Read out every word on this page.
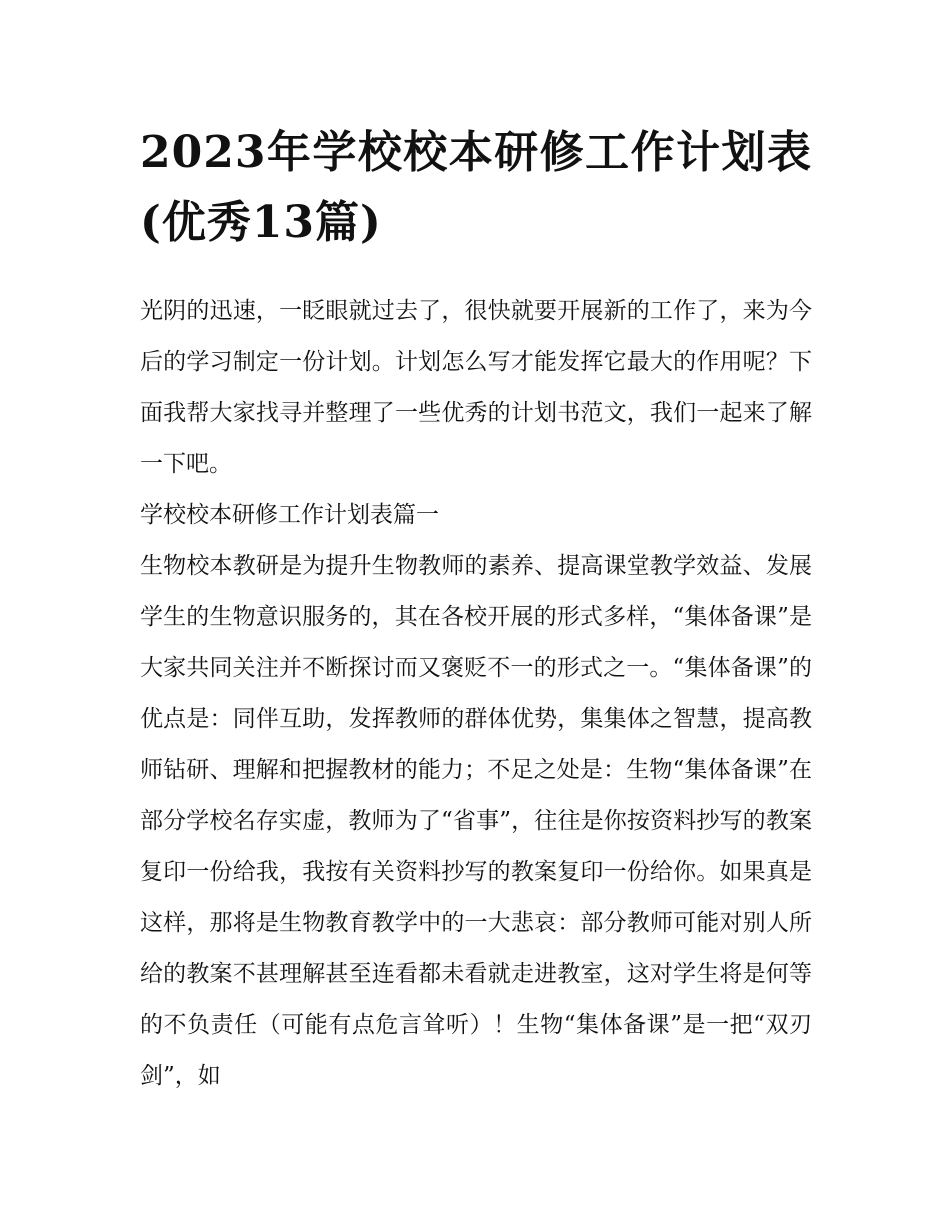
2023年学校校本研修工作计划表(优秀13篇)

光阴的迅速，一眨眼就过去了，很快就要开展新的工作了，来为今后的学习制定一份计划。计划怎么写才能发挥它最大的作用呢？下面我帮大家找寻并整理了一些优秀的计划书范文，我们一起来了解一下吧。

学校校本研修工作计划表篇一

生物校本教研是为提升生物教师的素养、提高课堂教学效益、发展学生的生物意识服务的，其在各校开展的形式多样，“集体备课”是大家共同关注并不断探讨而又褒贬不一的形式之一。“集体备课”的优点是：同伴互助，发挥教师的群体优势，集集体之智慧，提高教师钻研、理解和把握教材的能力；不足之处是：生物“集体备课”在部分学校名存实虚，教师为了“省事”，往往是你按资料抄写的教案复印一份给我，我按有关资料抄写的教案复印一份给你。如果真是这样，那将是生物教育教学中的一大悲哀：部分教师可能对别人所给的教案不甚理解甚至连看都未看就走进教室，这对学生将是何等的不负责任（可能有点危言耸听）！生物“集体备课”是一把“双刃剑”，如
